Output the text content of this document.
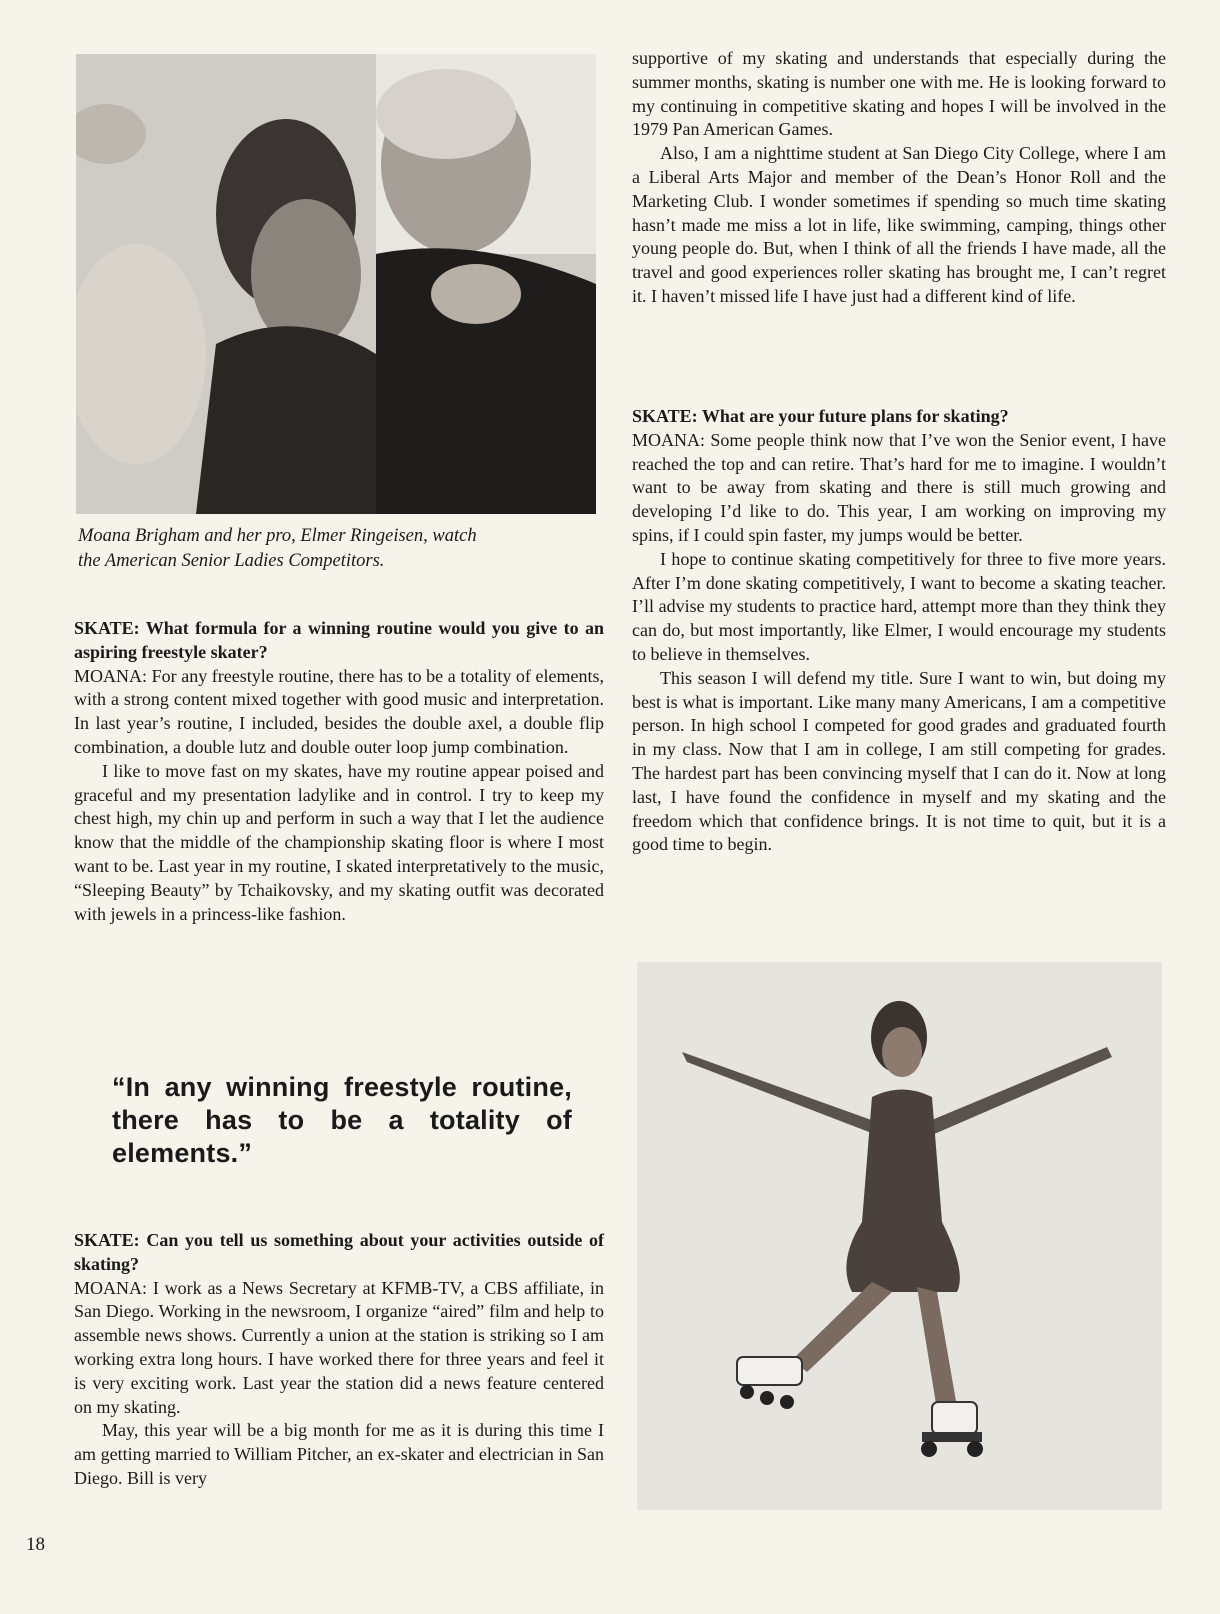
Moana Brigham and her pro, Elmer Ringeisen, watch
the American Senior Ladies Competitors.

SKATE: What formula for a winning routine would you give to an aspiring freestyle skater?

MOANA: For any freestyle routine, there has to be a totality of elements, with a strong content mixed together with good music and interpretation. In last year’s routine, I included, besides the double axel, a double flip combination, a double lutz and double outer loop jump combination.

I like to move fast on my skates, have my routine appear poised and graceful and my presentation ladylike and in control. I try to keep my chest high, my chin up and perform in such a way that I let the audience know that the middle of the championship skating floor is where I most want to be. Last year in my routine, I skated interpretatively to the music, “Sleeping Beauty” by Tchaikovsky, and my skating outfit was decorated with jewels in a princess-like fashion.

“In any winning freestyle routine, there has to be a totality of elements.”

SKATE: Can you tell us something about your activities outside of skating?

MOANA: I work as a News Secretary at KFMB-TV, a CBS affiliate, in San Diego. Working in the newsroom, I organize “aired” film and help to assemble news shows. Currently a union at the station is striking so I am working extra long hours. I have worked there for three years and feel it is very exciting work. Last year the station did a news feature centered on my skating.

May, this year will be a big month for me as it is during this time I am getting married to William Pitcher, an ex-skater and electrician in San Diego. Bill is very

supportive of my skating and understands that especially during the summer months, skating is number one with me. He is looking forward to my continuing in competitive skating and hopes I will be involved in the 1979 Pan American Games.

Also, I am a nighttime student at San Diego City College, where I am a Liberal Arts Major and member of the Dean’s Honor Roll and the Marketing Club. I wonder sometimes if spending so much time skating hasn’t made me miss a lot in life, like swimming, camping, things other young people do. But, when I think of all the friends I have made, all the travel and good experiences roller skating has brought me, I can’t regret it. I haven’t missed life I have just had a different kind of life.

SKATE: What are your future plans for skating?

MOANA: Some people think now that I’ve won the Senior event, I have reached the top and can retire. That’s hard for me to imagine. I wouldn’t want to be away from skating and there is still much growing and developing I’d like to do. This year, I am working on improving my spins, if I could spin faster, my jumps would be better.

I hope to continue skating competitively for three to five more years. After I’m done skating competitively, I want to become a skating teacher. I’ll advise my students to practice hard, attempt more than they think they can do, but most importantly, like Elmer, I would encourage my students to believe in themselves.

This season I will defend my title. Sure I want to win, but doing my best is what is important. Like many many Americans, I am a competitive person. In high school I competed for good grades and graduated fourth in my class. Now that I am in college, I am still competing for grades. The hardest part has been convincing myself that I can do it. Now at long last, I have found the confidence in myself and my skating and the freedom which that confidence brings. It is not time to quit, but it is a good time to begin.

18
